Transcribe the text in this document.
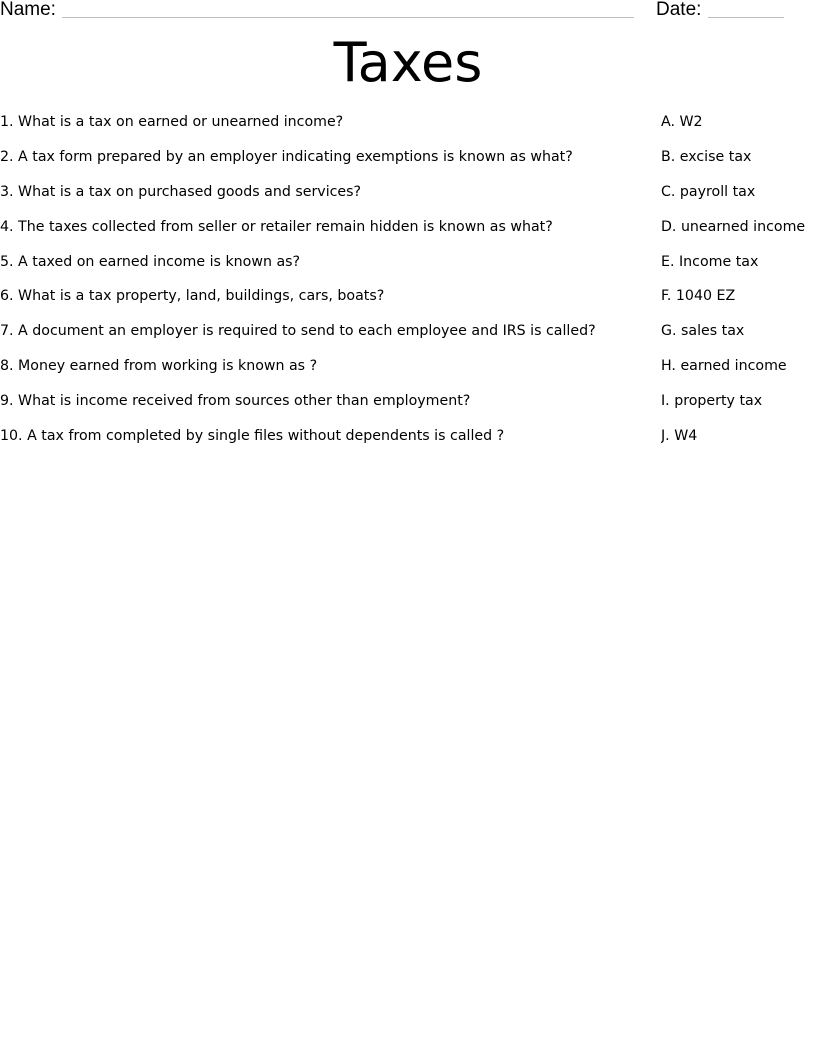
Name:	Date:
Taxes
1. What is a tax on earned or unearned income?	A. W2
2. A tax form prepared by an employer indicating exemptions is known as what?	B. excise tax
3. What is a tax on purchased goods and services?	C. payroll tax
4. The taxes collected from seller or retailer remain hidden is known as what?	D. unearned income
5. A taxed on earned income is known as?	E. Income tax
6. What is a tax property, land, buildings, cars, boats?	F. 1040 EZ
7. A document an employer is required to send to each employee and IRS is called?	G. sales tax
8. Money earned from working is known as ?	H. earned income
9. What is income received from sources other than employment?	I. property tax
10. A tax from completed by single files without dependents is called ?	J. W4
